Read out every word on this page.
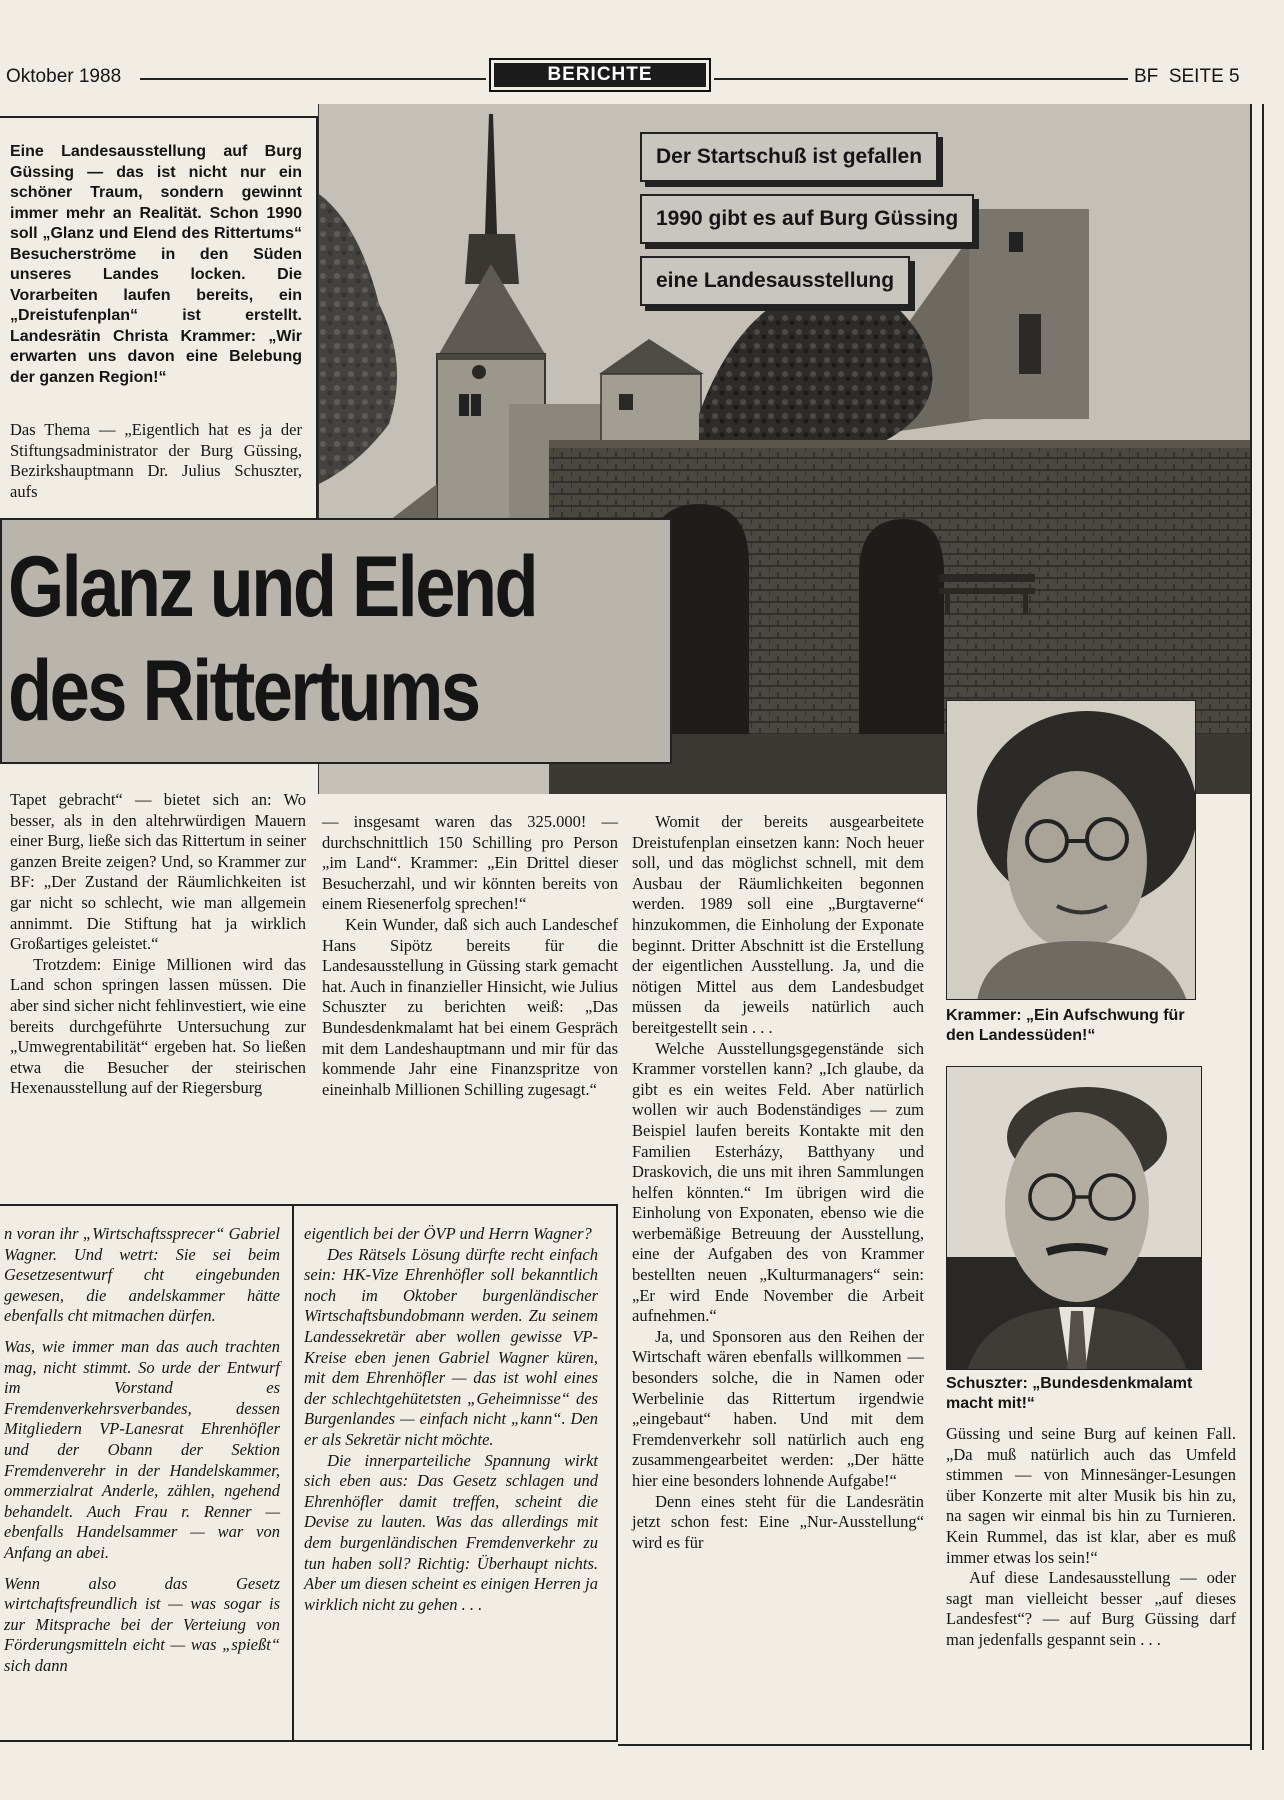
Oktober 1988	BERICHTE	BF  SEITE 5
Eine Landesausstellung auf Burg Güssing — das ist nicht nur ein schöner Traum, sondern gewinnt immer mehr an Realität. Schon 1990 soll „Glanz und Elend des Rittertums“ Besucherströme in den Süden unseres Landes locken. Die Vorarbeiten laufen bereits, ein „Dreistufenplan“ ist erstellt. Landesrätin Christa Krammer: „Wir erwarten uns davon eine Belebung der ganzen Region!“
Das Thema — „Eigentlich hat es ja der Stiftungsadministrator der Burg Güssing, Bezirkshauptmann Dr. Julius Schuszter, aufs
Der Startschuß ist gefallen
1990 gibt es auf Burg Güssing
eine Landesausstellung
Glanz und Elend
des Rittertums
Krammer: „Ein Aufschwung für den Landessüden!“
Schuszter: „Bundesdenkmalamt macht mit!“

Tapet gebracht“ — bietet sich an: Wo besser, als in den altehrwürdigen Mauern einer Burg, ließe sich das Rittertum in seiner ganzen Breite zeigen? Und, so Krammer zur BF: „Der Zustand der Räumlichkeiten ist gar nicht so schlecht, wie man allgemein annimmt. Die Stiftung hat ja wirklich Großartiges geleistet.“

Trotzdem: Einige Millionen wird das Land schon springen lassen müssen. Die aber sind sicher nicht fehlinvestiert, wie eine bereits durchgeführte Untersuchung zur „Umwegrentabilität“ ergeben hat. So ließen etwa die Besucher der steirischen Hexenausstellung auf der Riegersburg

— insgesamt waren das 325.000! — durchschnittlich 150 Schilling pro Person „im Land“. Krammer: „Ein Drittel dieser Besucherzahl, und wir könnten bereits von einem Riesenerfolg sprechen!“

Kein Wunder, daß sich auch Landeschef Hans Sipötz bereits für die Landesausstellung in Güssing stark gemacht hat. Auch in finanzieller Hinsicht, wie Julius Schuszter zu berichten weiß: „Das Bundesdenkmalamt hat bei einem Gespräch mit dem Landeshauptmann und mir für das kommende Jahr eine Finanzspritze von eineinhalb Millionen Schilling zugesagt.“

Womit der bereits ausgearbeitete Dreistufenplan einsetzen kann: Noch heuer soll, und das möglichst schnell, mit dem Ausbau der Räumlichkeiten begonnen werden. 1989 soll eine „Burgtaverne“ hinzukommen, die Einholung der Exponate beginnt. Dritter Abschnitt ist die Erstellung der eigentlichen Ausstellung. Ja, und die nötigen Mittel aus dem Landesbudget müssen da jeweils natürlich auch bereitgestellt sein . . .

Welche Ausstellungsgegenstände sich Krammer vorstellen kann? „Ich glaube, da gibt es ein weites Feld. Aber natürlich wollen wir auch Bodenständiges — zum Beispiel laufen bereits Kontakte mit den Familien Esterházy, Batthyany und Draskovich, die uns mit ihren Sammlungen helfen könnten.“ Im übrigen wird die Einholung von Exponaten, ebenso wie die werbemäßige Betreuung der Ausstellung, eine der Aufgaben des von Krammer bestellten neuen „Kulturmanagers“ sein: „Er wird Ende November die Arbeit aufnehmen.“

Ja, und Sponsoren aus den Reihen der Wirtschaft wären ebenfalls willkommen — besonders solche, die in Namen oder Werbelinie das Rittertum irgendwie „eingebaut“ haben. Und mit dem Fremdenverkehr soll natürlich auch eng zusammengearbeitet werden: „Der hätte hier eine besonders lohnende Aufgabe!“

Denn eines steht für die Landesrätin jetzt schon fest: Eine „Nur-Ausstellung“ wird es für

Güssing und seine Burg auf keinen Fall. „Da muß natürlich auch das Umfeld stimmen — von Minnesänger-Lesungen über Konzerte mit alter Musik bis hin zu, na sagen wir einmal bis hin zu Turnieren. Kein Rummel, das ist klar, aber es muß immer etwas los sein!“

Auf diese Landesausstellung — oder sagt man vielleicht besser „auf dieses Landesfest“? — auf Burg Güssing darf man jedenfalls gespannt sein . . .

n voran ihr „Wirtschaftssprecer“ Gabriel Wagner. Und wetrt: Sie sei beim Gesetzesentwurf cht eingebunden gewesen, die andelskammer hätte ebenfalls cht mitmachen dürfen.

Was, wie immer man das auch trachten mag, nicht stimmt. So urde der Entwurf im Vorstand es Fremdenverkehrsverbandes, dessen Mitgliedern VP-Lanesrat Ehrenhöfler und der Obann der Sektion Fremdenverehr in der Handelskammer, ommerzialrat Anderle, zählen, ngehend behandelt. Auch Frau r. Renner — ebenfalls Handelsammer — war von Anfang an abei.

Wenn also das Gesetz wirtchaftsfreundlich ist — was sogar is zur Mitsprache bei der Verteiung von Förderungsmitteln eicht — was „spießt“ sich dann

eigentlich bei der ÖVP und Herrn Wagner?

Des Rätsels Lösung dürfte recht einfach sein: HK-Vize Ehrenhöfler soll bekanntlich noch im Oktober burgenländischer Wirtschaftsbundobmann werden. Zu seinem Landessekretär aber wollen gewisse VP-Kreise eben jenen Gabriel Wagner küren, mit dem Ehrenhöfler — das ist wohl eines der schlechtgehütetsten „Geheimnisse“ des Burgenlandes — einfach nicht „kann“. Den er als Sekretär nicht möchte.

Die innerparteiliche Spannung wirkt sich eben aus: Das Gesetz schlagen und Ehrenhöfler damit treffen, scheint die Devise zu lauten. Was das allerdings mit dem burgenländischen Fremdenverkehr zu tun haben soll? Richtig: Überhaupt nichts. Aber um diesen scheint es einigen Herren ja wirklich nicht zu gehen . . .
